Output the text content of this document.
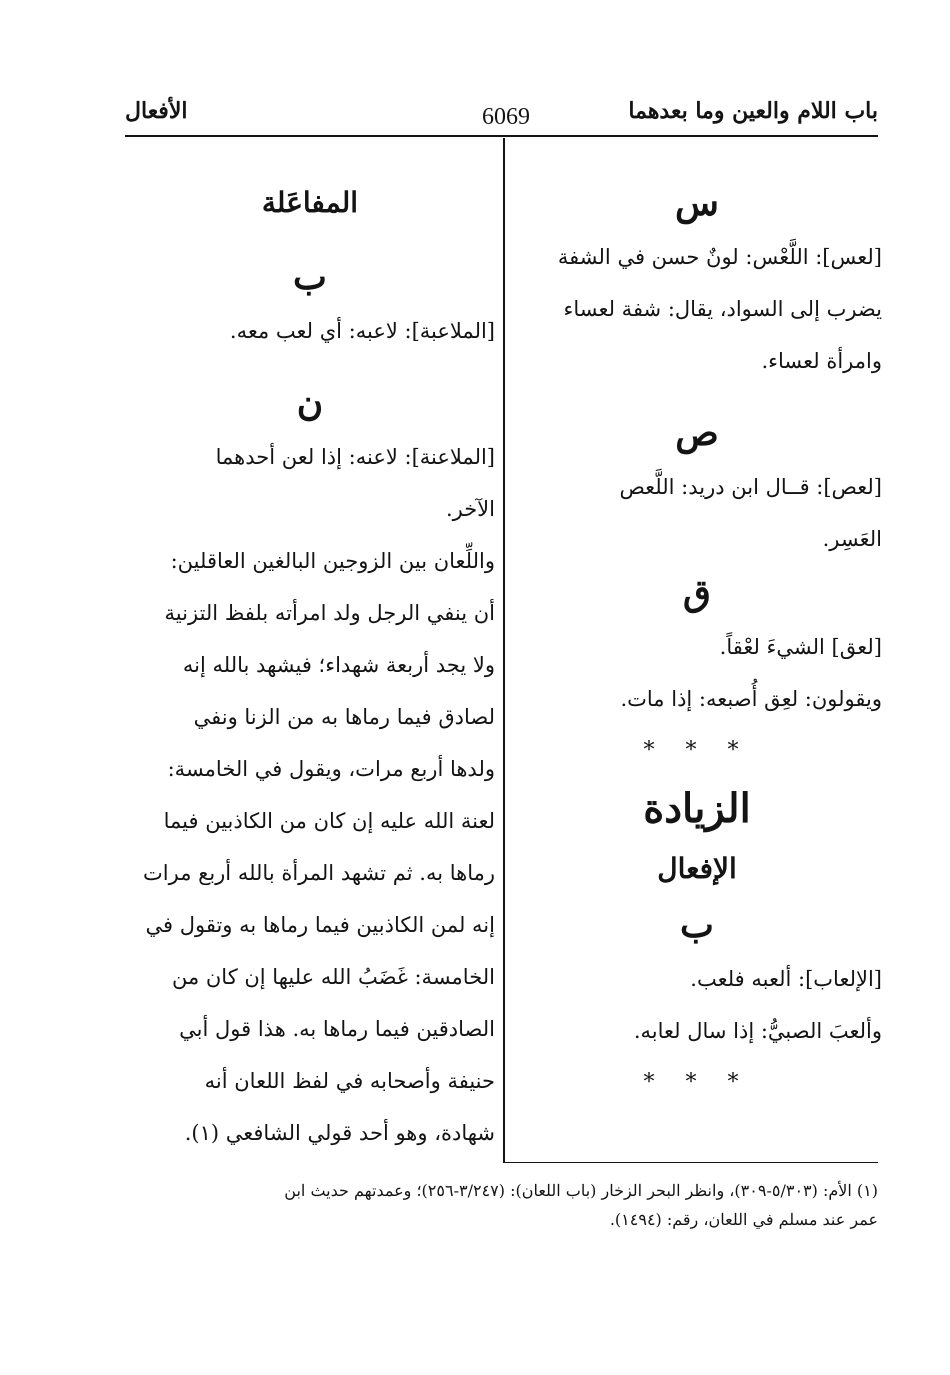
باب اللام والعين وما بعدهما
6069
الأفعال
س
[لعس]: اللَّعْس: لونٌ حسن في الشفة
يضرب إلى السواد، يقال: شفة لعساء
وامرأة لعساء.
ص
[لعص]: قــال ابن دريد: اللَّعص
العَسِر.
ق
[لعق] الشيءَ لعْقاً.
ويقولون: لعِق أُصبعه: إذا مات.
* * *
الزيادة
الإفعال
ب
[الإلعاب]: ألعبه فلعب.
وألعبَ الصبيُّ: إذا سال لعابه.
* * *
المفاعَلة
ب
[الملاعبة]: لاعبه: أي لعب معه.
ن
[الملاعنة]: لاعنه: إذا لعن أحدهما
الآخر.
واللِّعان بين الزوجين البالغين العاقلين:
أن ينفي الرجل ولد امرأته بلفظ التزنية
ولا يجد أربعة شهداء؛ فيشهد بالله إنه
لصادق فيما رماها به من الزنا ونفي
ولدها أربع مرات، ويقول في الخامسة:
لعنة الله عليه إن كان من الكاذبين فيما
رماها به. ثم تشهد المرأة بالله أربع مرات
إنه لمن الكاذبين فيما رماها به وتقول في
الخامسة: غَضَبُ الله عليها إن كان من
الصادقين فيما رماها به. هذا قول أبي
حنيفة وأصحابه في لفظ اللعان أنه
شهادة، وهو أحد قولي الشافعي (١).
(١) الأم: (٥/٣٠٣-٣٠٩)، وانظر البحر الزخار (باب اللعان): (٣/٢٤٧-٢٥٦)؛ وعمدتهم حديث ابن
عمر عند مسلم في اللعان، رقم: (١٤٩٤).
